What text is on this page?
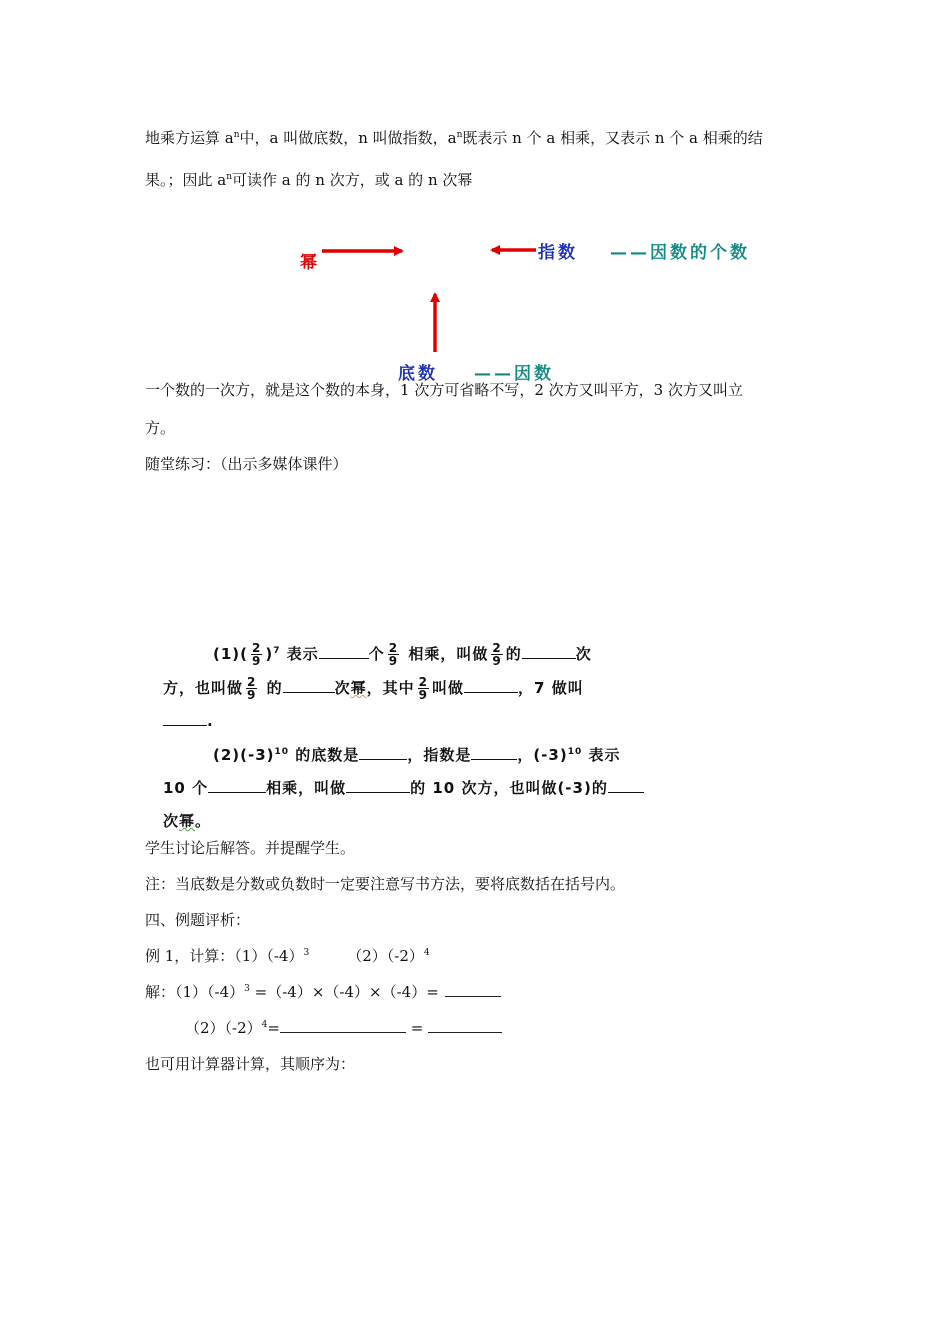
地乘方运算 $a^n$中，a 叫做底数，n 叫做指数，$a^n$既表示 n 个 a 相乘，又表示 n 个 a 相乘的结
果。；因此 $a^n$可读作 a 的 n 次方，或 a 的 n 次幂
幂	指数 ——因数的个数
底数 ——因数
一个数的一次方，就是这个数的本身，1 次方可省略不写，2 次方又叫平方，3 次方又叫立
方。
随堂练习：（出示多媒体课件）
$(1)( \frac{2}{9} )^7$ 表示	个 $\frac{2}{9}$ 相乘，叫做 $\frac{2}{9}$ 的	次
方，也叫做 $\frac{2}{9}$ 的	次幂，其中 $\frac{2}{9}$ 叫做	，7 做叫
.
$(2)(-3)^{10}$ 的底数是	，指数是	，$(-3)^{10}$ 表示
10 个	相乘，叫做	的 10 次方，也叫做(-3)的
次幂。
学生讨论后解答。并提醒学生。
注：当底数是分数或负数时一定要注意写书方法，要将底数括在括号内。
四、例题评析：
例 1，计算：$(1)(-4)^3$	$(2)(-2)^4$
解：$(1)(-4)^3 =(-4)\times(-4)\times(-4)=$
$(2)(-2)^4=$	=
也可用计算器计算，其顺序为：
